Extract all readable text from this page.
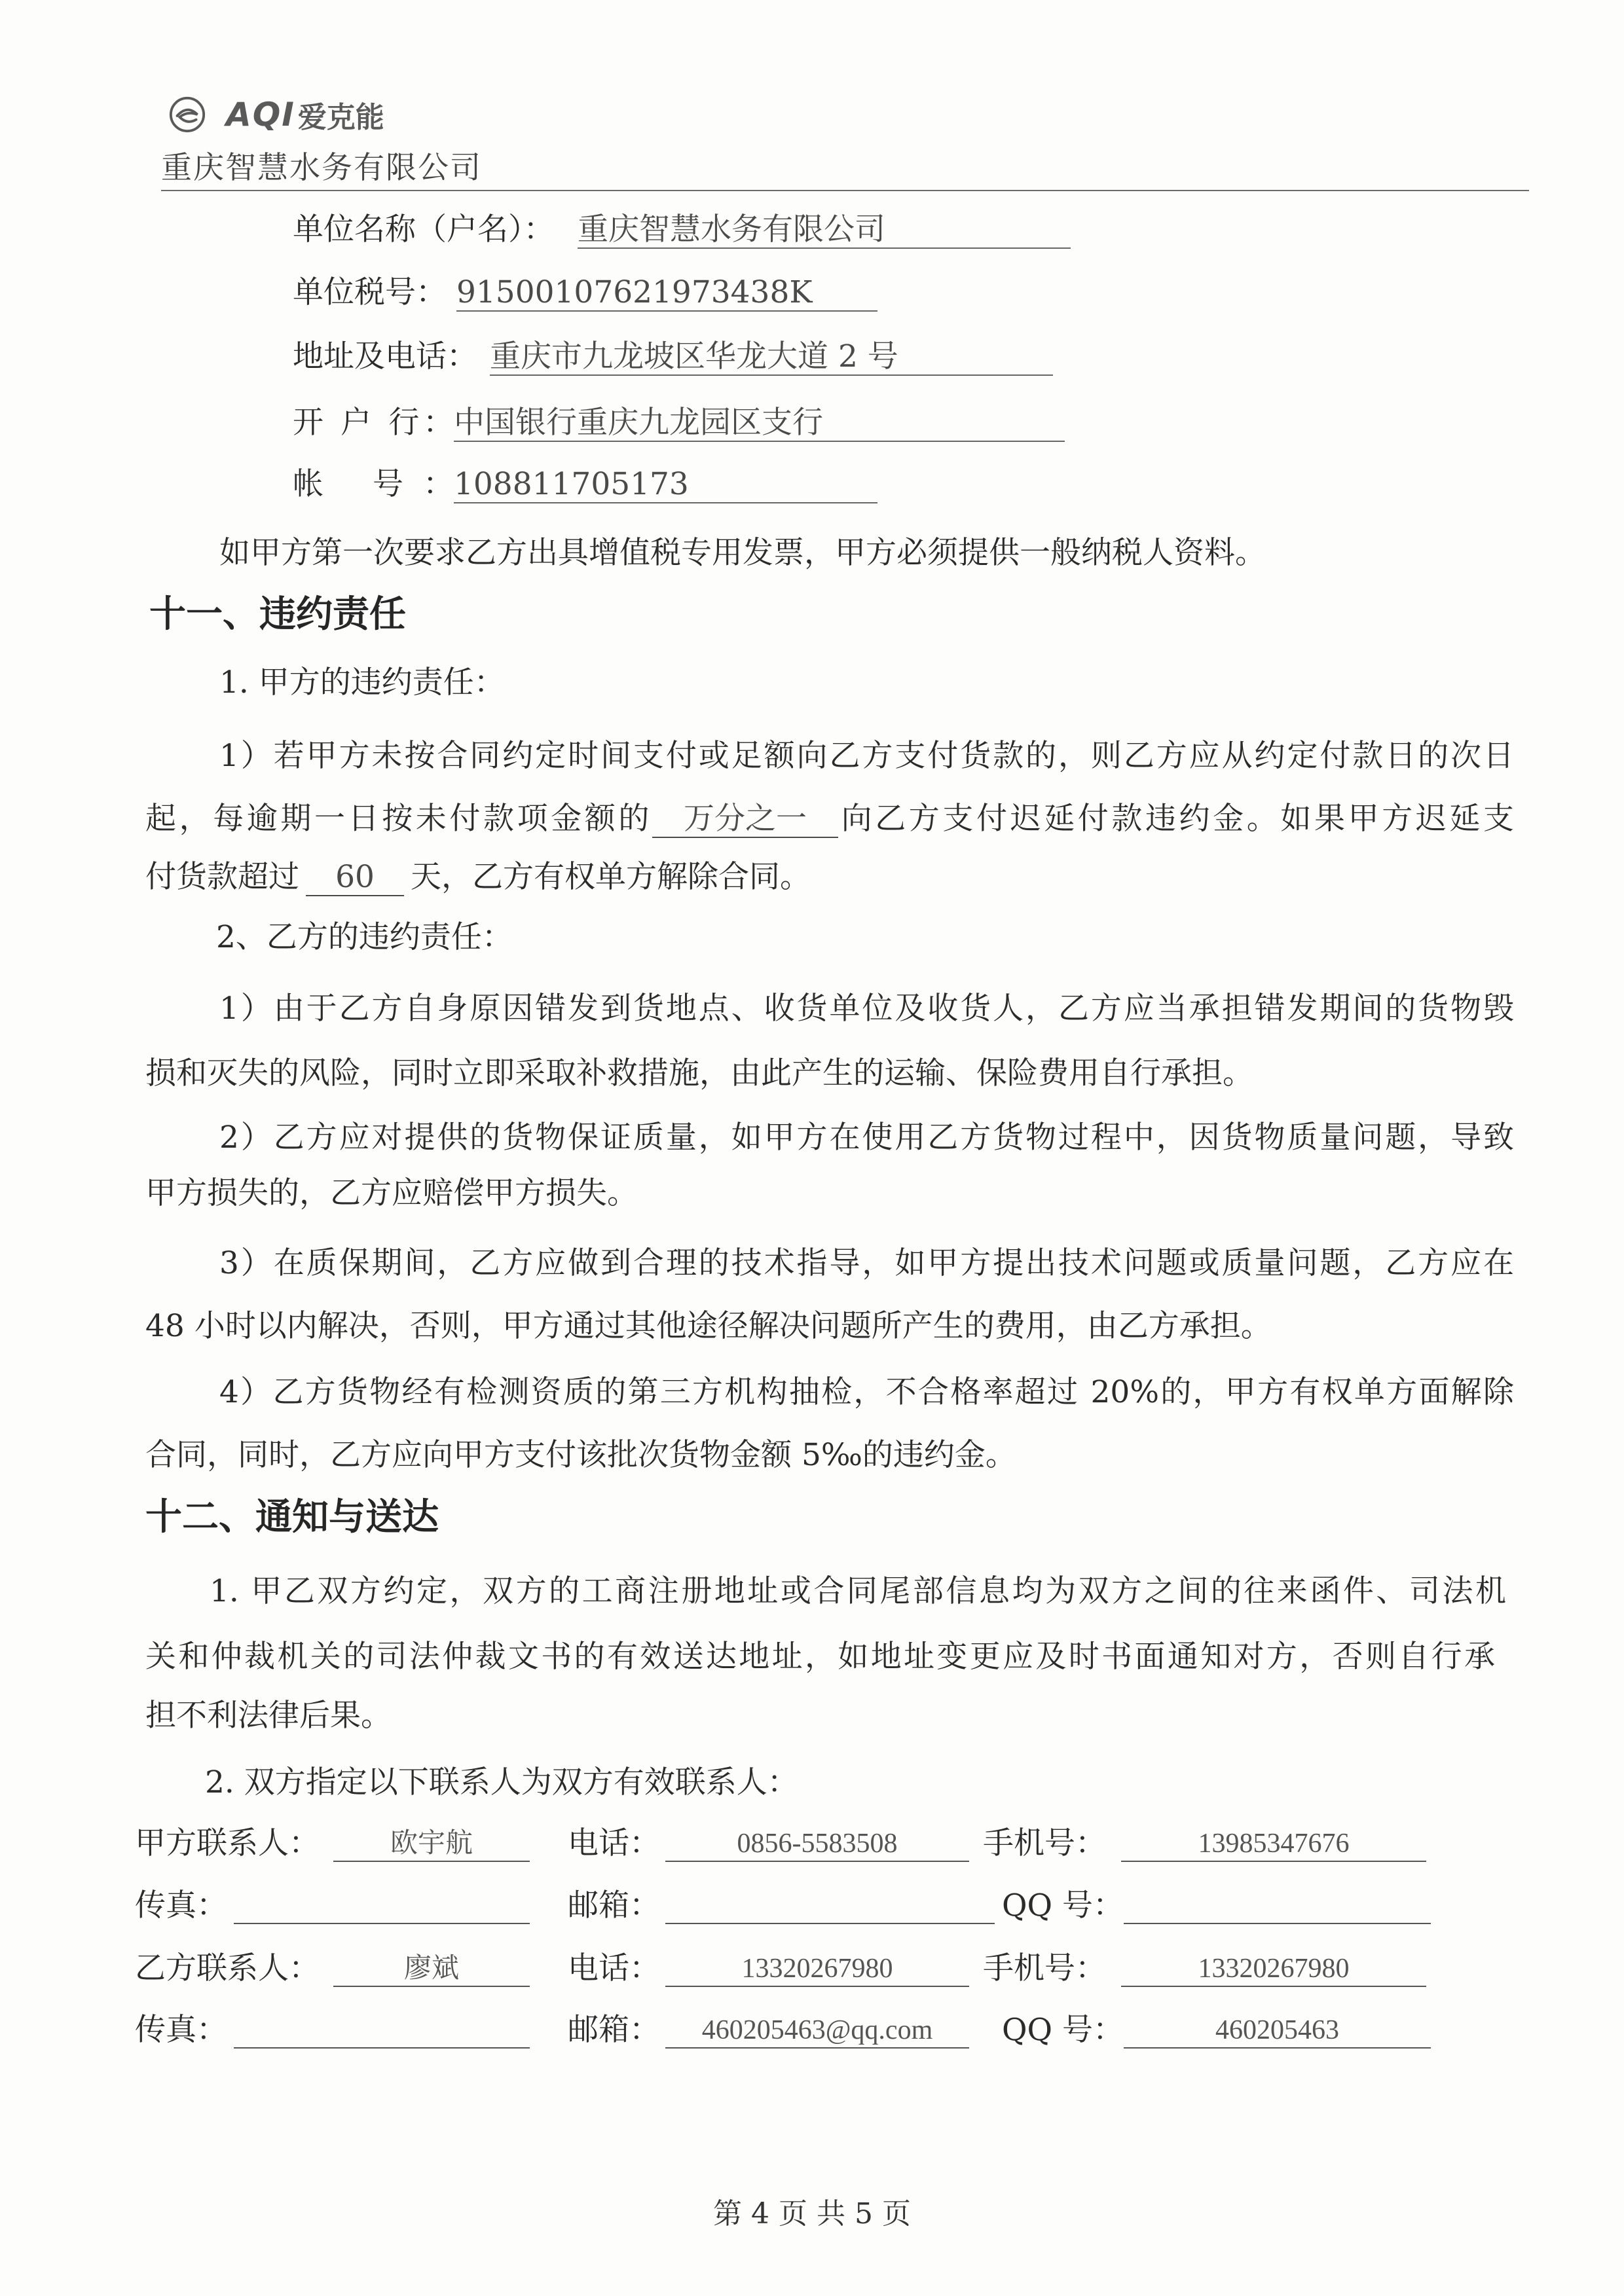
AQI 爱克能
重庆智慧水务有限公司
单位名称（户名）： 重庆智慧水务有限公司
单位税号： 91500107621973438K
地址及电话： 重庆市九龙坡区华龙大道 2 号
开 户 行： 中国银行重庆九龙园区支行
帐 号： 108811705173
如甲方第一次要求乙方出具增值税专用发票，甲方必须提供一般纳税人资料。
十一、违约责任
1. 甲方的违约责任：
1）若甲方未按合同约定时间支付或足额向乙方支付货款的，则乙方应从约定付款日的次日
起，每逾期一日按未付款项金额的 万分之一 向乙方支付迟延付款违约金。如果甲方迟延支
付货款超过 60 天，乙方有权单方解除合同。
2、乙方的违约责任：
1）由于乙方自身原因错发到货地点、收货单位及收货人，乙方应当承担错发期间的货物毁
损和灭失的风险，同时立即采取补救措施，由此产生的运输、保险费用自行承担。
2）乙方应对提供的货物保证质量，如甲方在使用乙方货物过程中，因货物质量问题，导致
甲方损失的，乙方应赔偿甲方损失。
3）在质保期间，乙方应做到合理的技术指导，如甲方提出技术问题或质量问题，乙方应在
48 小时以内解决，否则，甲方通过其他途径解决问题所产生的费用，由乙方承担。
4）乙方货物经有检测资质的第三方机构抽检，不合格率超过 20%的，甲方有权单方面解除
合同，同时，乙方应向甲方支付该批次货物金额 5‰的违约金。
十二、通知与送达
1. 甲乙双方约定，双方的工商注册地址或合同尾部信息均为双方之间的往来函件、司法机
关和仲裁机关的司法仲裁文书的有效送达地址，如地址变更应及时书面通知对方，否则自行承
担不利法律后果。
2. 双方指定以下联系人为双方有效联系人：
甲方联系人：	欧宇航	电话：	0856-5583508	手机号：	13985347676
传真：	邮箱：	QQ 号：
乙方联系人：	廖斌	电话：	13320267980	手机号：	13320267980
传真：	邮箱：	460205463@qq.com	QQ 号：	460205463
第 4 页 共 5 页
